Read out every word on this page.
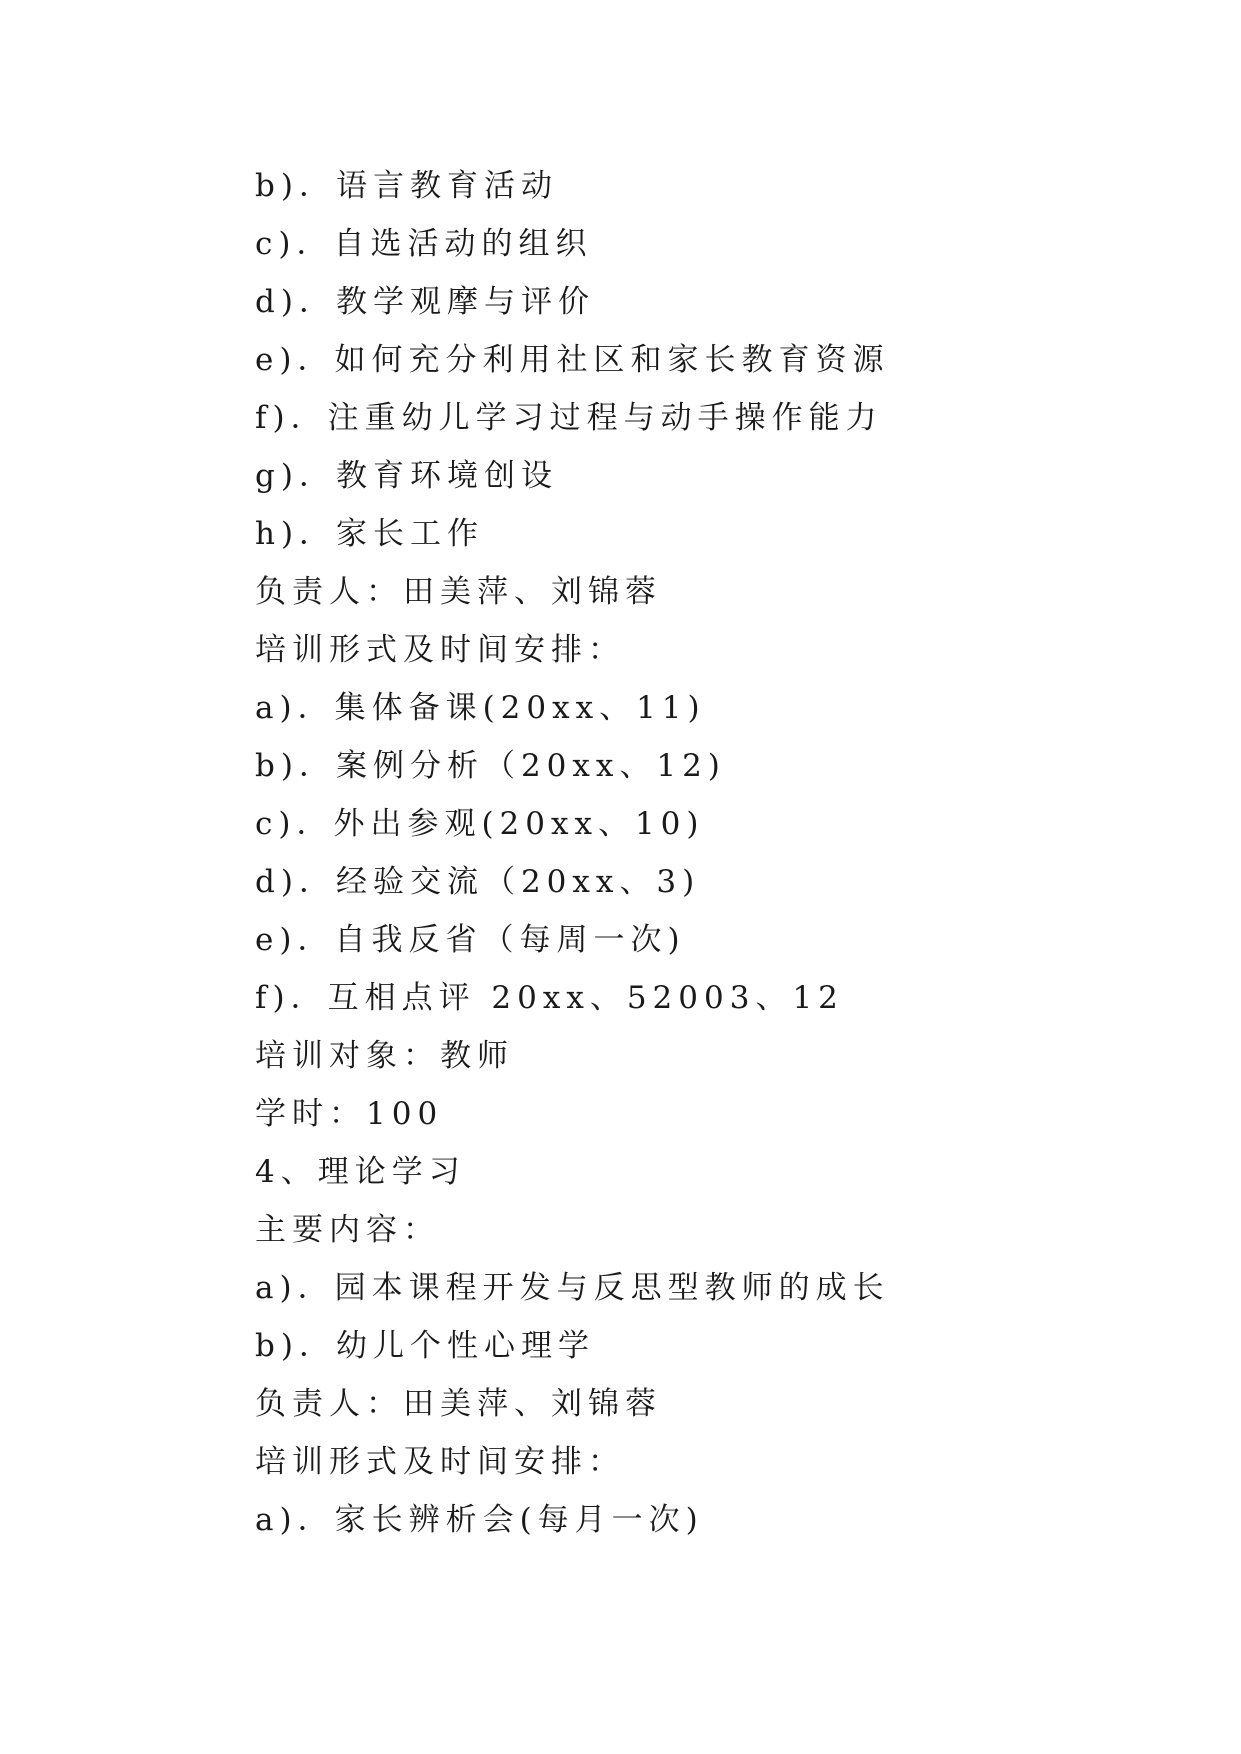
b)．语言教育活动
c)．自选活动的组织
d)．教学观摩与评价
e)．如何充分利用社区和家长教育资源
f)．注重幼儿学习过程与动手操作能力
g)．教育环境创设
h)．家长工作
负责人：田美萍、刘锦蓉
培训形式及时间安排：
a)．集体备课(20xx、11)
b)．案例分析（20xx、12)
c)．外出参观(20xx、10)
d)．经验交流（20xx、3)
e)．自我反省（每周一次)
f)．互相点评 20xx、52003、12
培训对象：教师
学时：100
4、理论学习
主要内容：
a)．园本课程开发与反思型教师的成长
b)．幼儿个性心理学
负责人：田美萍、刘锦蓉
培训形式及时间安排：
a)．家长辨析会(每月一次)
